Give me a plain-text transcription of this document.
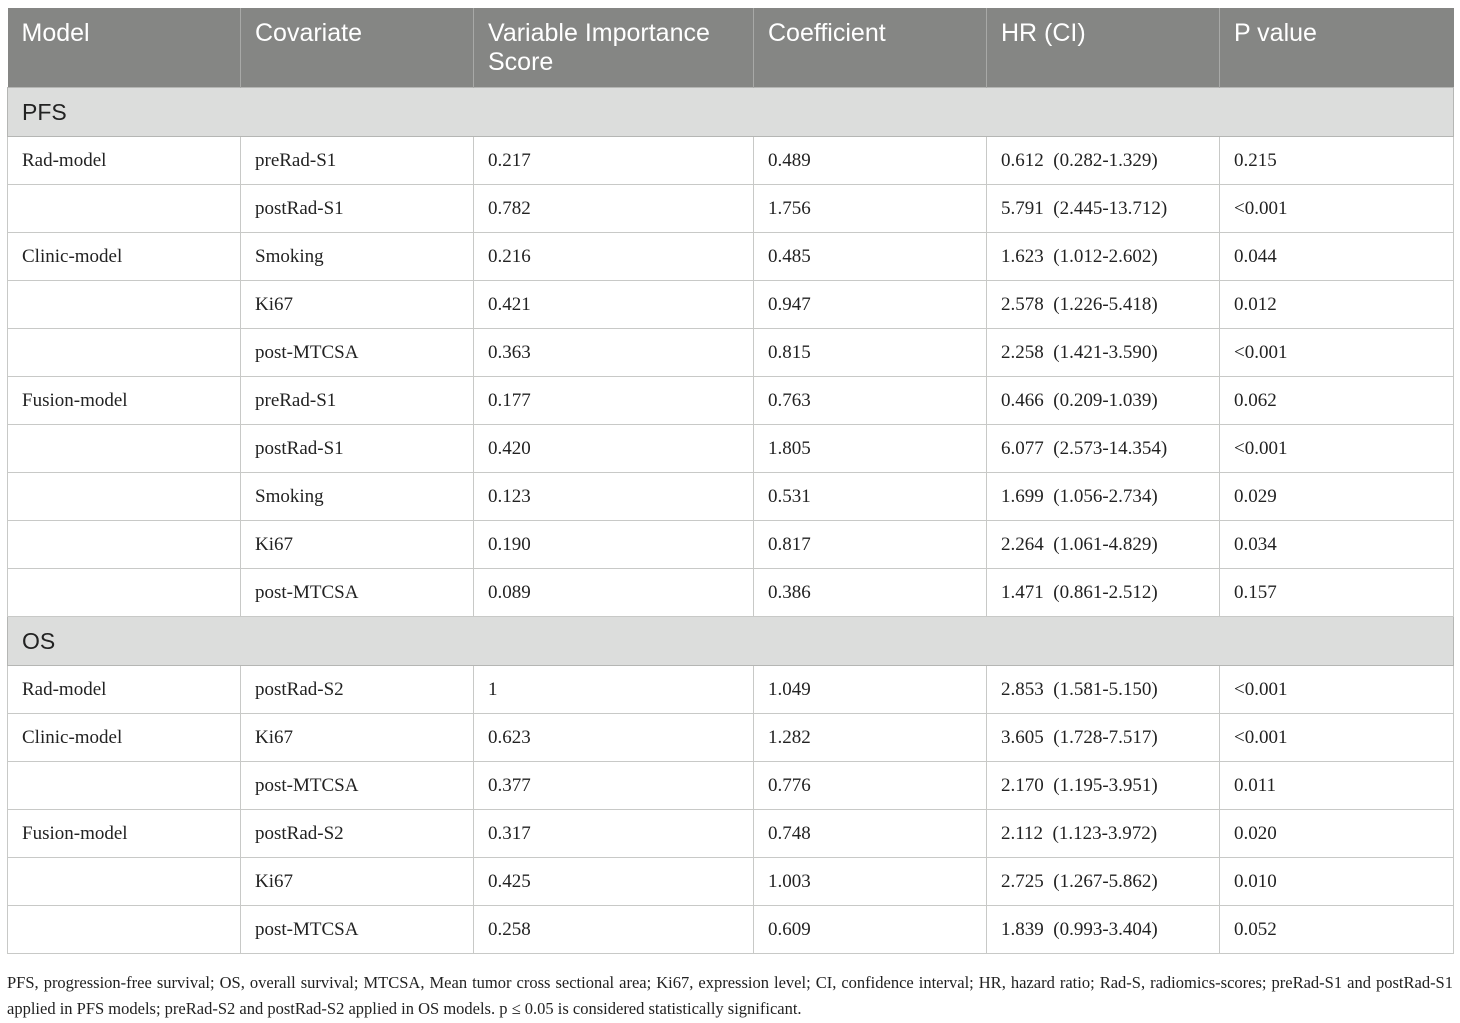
Model	Covariate	Variable Importance Score	Coefficient	HR (CI)	P value
PFS					
Rad-model	preRad-S1	0.217	0.489	0.612  (0.282-1.329)	0.215
	postRad-S1	0.782	1.756	5.791  (2.445-13.712)	<0.001
Clinic-model	Smoking	0.216	0.485	1.623  (1.012-2.602)	0.044
	Ki67	0.421	0.947	2.578  (1.226-5.418)	0.012
	post-MTCSA	0.363	0.815	2.258  (1.421-3.590)	<0.001
Fusion-model	preRad-S1	0.177	0.763	0.466  (0.209-1.039)	0.062
	postRad-S1	0.420	1.805	6.077  (2.573-14.354)	<0.001
	Smoking	0.123	0.531	1.699  (1.056-2.734)	0.029
	Ki67	0.190	0.817	2.264  (1.061-4.829)	0.034
	post-MTCSA	0.089	0.386	1.471  (0.861-2.512)	0.157
OS					
Rad-model	postRad-S2	1	1.049	2.853  (1.581-5.150)	<0.001
Clinic-model	Ki67	0.623	1.282	3.605  (1.728-7.517)	<0.001
	post-MTCSA	0.377	0.776	2.170  (1.195-3.951)	0.011
Fusion-model	postRad-S2	0.317	0.748	2.112  (1.123-3.972)	0.020
	Ki67	0.425	1.003	2.725  (1.267-5.862)	0.010
	post-MTCSA	0.258	0.609	1.839  (0.993-3.404)	0.052
PFS, progression-free survival; OS, overall survival; MTCSA, Mean tumor cross sectional area; Ki67, expression level; CI, confidence interval; HR, hazard ratio; Rad-S, radiomics-scores; preRad-S1 and postRad-S1 applied in PFS models; preRad-S2 and postRad-S2 applied in OS models. p ≤ 0.05 is considered statistically significant.
